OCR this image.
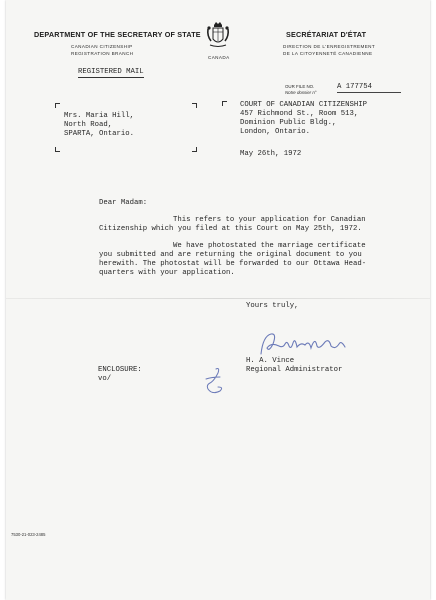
DEPARTMENT OF THE SECRETARY OF STATE
CANADIAN CITIZENSHIP
REGISTRATION BRANCH
CANADA
SECRÉTARIAT D'ÉTAT
DIRECTION DE L'ENREGISTREMENT
DE LA CITOYENNETÉ CANADIENNE
REGISTERED MAIL
OUR FILE NO.
Notre dossier n°
A 177754
Mrs. Maria Hill,
North Road,
SPARTA, Ontario.
COURT OF CANADIAN CITIZENSHIP
457 Richmond St., Room 513,
Dominion Public Bldg.,
London, Ontario.
May 26th, 1972
Dear Madam:
This refers to your application for Canadian
Citizenship which you filed at this Court on May 25th, 1972.
We have photostated the marriage certificate
you submitted and are returning the original document to you
herewith. The photostat will be forwarded to our Ottawa Head-
quarters with your application.
Yours truly,
H. A. Vince
Regional Administrator
ENCLOSURE:
vo/
7530-21-023-2485
